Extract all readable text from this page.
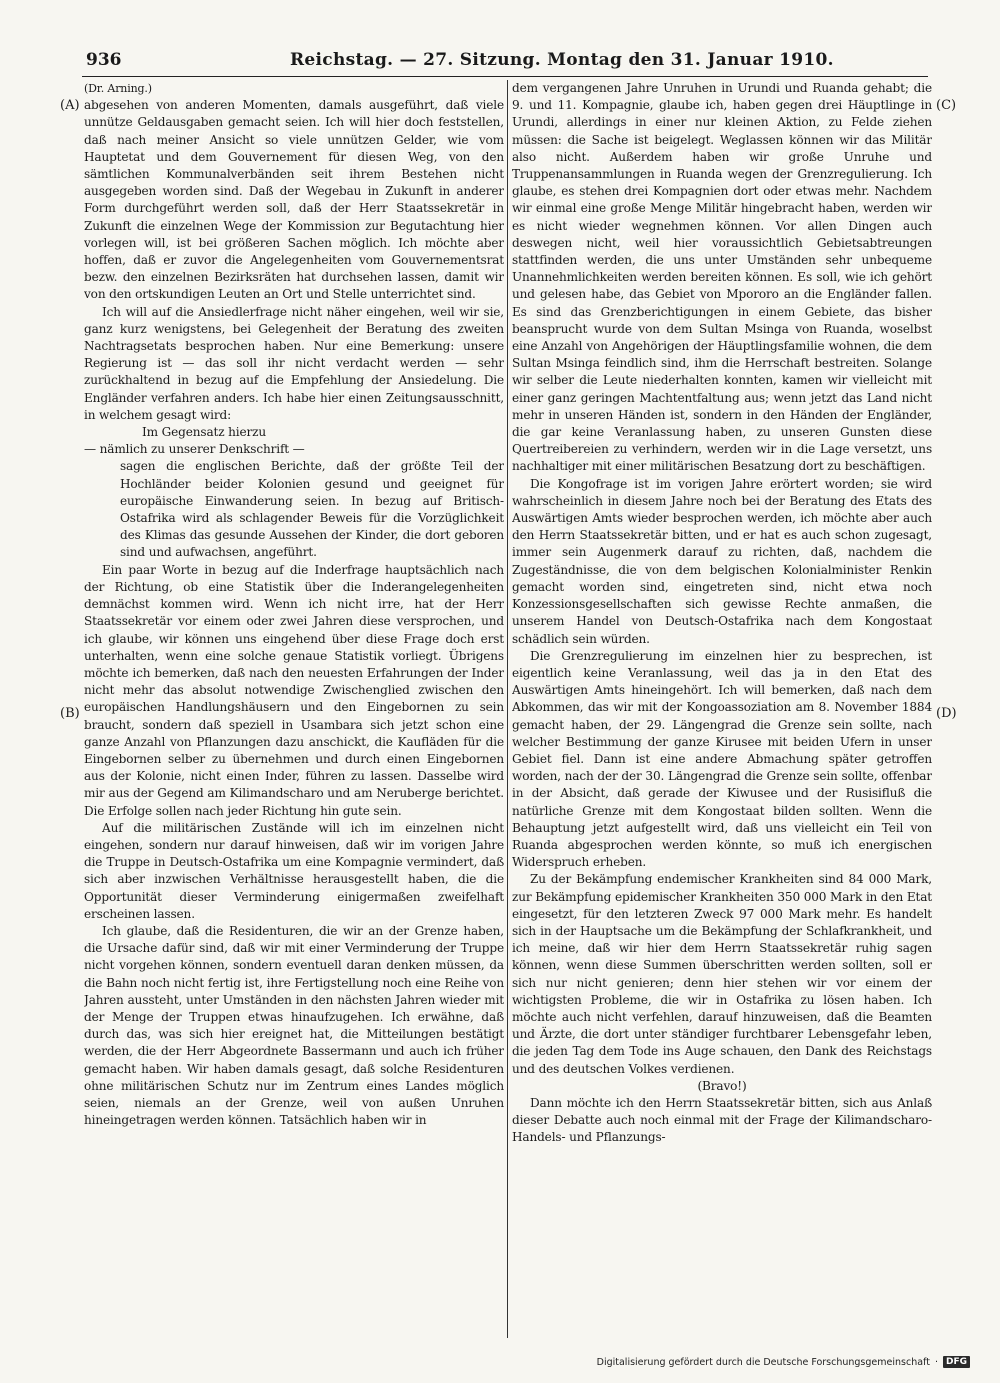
936	Reichstag. — 27. Sitzung. Montag den 31. Januar 1910.
(A)
(B)
(C)
(D)

(Dr. Arning.)

abgesehen von anderen Momenten, damals ausgeführt, daß viele unnütze Geldausgaben gemacht seien. Ich will hier doch feststellen, daß nach meiner Ansicht so viele unnützen Gelder, wie vom Hauptetat und dem Gouvernement für diesen Weg, von den sämtlichen Kommunalverbänden seit ihrem Bestehen nicht ausgegeben worden sind. Daß der Wegebau in Zukunft in anderer Form durchgeführt werden soll, daß der Herr Staatssekretär in Zukunft die einzelnen Wege der Kommission zur Begutachtung hier vorlegen will, ist bei größeren Sachen möglich. Ich möchte aber hoffen, daß er zuvor die Angelegenheiten vom Gouvernementsrat bezw. den einzelnen Bezirksräten hat durchsehen lassen, damit wir von den ortskundigen Leuten an Ort und Stelle unterrichtet sind.

Ich will auf die Ansiedlerfrage nicht näher eingehen, weil wir sie, ganz kurz wenigstens, bei Gelegenheit der Beratung des zweiten Nachtragsetats besprochen haben. Nur eine Bemerkung: unsere Regierung ist — das soll ihr nicht verdacht werden — sehr zurückhaltend in bezug auf die Empfehlung der Ansiedelung. Die Engländer verfahren anders. Ich habe hier einen Zeitungsausschnitt, in welchem gesagt wird:

Im Gegensatz hierzu

— nämlich zu unserer Denkschrift —

sagen die englischen Berichte, daß der größte Teil der Hochländer beider Kolonien gesund und geeignet für europäische Einwanderung seien. In bezug auf Britisch-Ostafrika wird als schlagender Beweis für die Vorzüglichkeit des Klimas das gesunde Aussehen der Kinder, die dort geboren sind und aufwachsen, angeführt.

Ein paar Worte in bezug auf die Inderfrage hauptsächlich nach der Richtung, ob eine Statistik über die Inderangelegenheiten demnächst kommen wird. Wenn ich nicht irre, hat der Herr Staatssekretär vor einem oder zwei Jahren diese versprochen, und ich glaube, wir können uns eingehend über diese Frage doch erst unterhalten, wenn eine solche genaue Statistik vorliegt. Übrigens möchte ich bemerken, daß nach den neuesten Erfahrungen der Inder nicht mehr das absolut notwendige Zwischenglied zwischen den europäischen Handlungshäusern und den Eingebornen zu sein braucht, sondern daß speziell in Usambara sich jetzt schon eine ganze Anzahl von Pflanzungen dazu anschickt, die Kaufläden für die Eingebornen selber zu übernehmen und durch einen Eingebornen aus der Kolonie, nicht einen Inder, führen zu lassen. Dasselbe wird mir aus der Gegend am Kilimandscharo und am Neruberge berichtet. Die Erfolge sollen nach jeder Richtung hin gute sein.

Auf die militärischen Zustände will ich im einzelnen nicht eingehen, sondern nur darauf hinweisen, daß wir im vorigen Jahre die Truppe in Deutsch-Ostafrika um eine Kompagnie vermindert, daß sich aber inzwischen Verhältnisse herausgestellt haben, die die Opportunität dieser Verminderung einigermaßen zweifelhaft erscheinen lassen.

Ich glaube, daß die Residenturen, die wir an der Grenze haben, die Ursache dafür sind, daß wir mit einer Verminderung der Truppe nicht vorgehen können, sondern eventuell daran denken müssen, da die Bahn noch nicht fertig ist, ihre Fertigstellung noch eine Reihe von Jahren aussteht, unter Umständen in den nächsten Jahren wieder mit der Menge der Truppen etwas hinaufzugehen. Ich erwähne, daß durch das, was sich hier ereignet hat, die Mitteilungen bestätigt werden, die der Herr Abgeordnete Bassermann und auch ich früher gemacht haben. Wir haben damals gesagt, daß solche Residenturen ohne militärischen Schutz nur im Zentrum eines Landes möglich seien, niemals an der Grenze, weil von außen Unruhen hineingetragen werden können. Tatsächlich haben wir in

dem vergangenen Jahre Unruhen in Urundi und Ruanda gehabt; die 9. und 11. Kompagnie, glaube ich, haben gegen drei Häuptlinge in Urundi, allerdings in einer nur kleinen Aktion, zu Felde ziehen müssen: die Sache ist beigelegt. Weglassen können wir das Militär also nicht. Außerdem haben wir große Unruhe und Truppenansammlungen in Ruanda wegen der Grenzregulierung. Ich glaube, es stehen drei Kompagnien dort oder etwas mehr. Nachdem wir einmal eine große Menge Militär hingebracht haben, werden wir es nicht wieder wegnehmen können. Vor allen Dingen auch deswegen nicht, weil hier voraussichtlich Gebietsabtreungen stattfinden werden, die uns unter Umständen sehr unbequeme Unannehmlichkeiten werden bereiten können. Es soll, wie ich gehört und gelesen habe, das Gebiet von Mpororo an die Engländer fallen. Es sind das Grenzberichtigungen in einem Gebiete, das bisher beansprucht wurde von dem Sultan Msinga von Ruanda, woselbst eine Anzahl von Angehörigen der Häuptlingsfamilie wohnen, die dem Sultan Msinga feindlich sind, ihm die Herrschaft bestreiten. Solange wir selber die Leute niederhalten konnten, kamen wir vielleicht mit einer ganz geringen Machtentfaltung aus; wenn jetzt das Land nicht mehr in unseren Händen ist, sondern in den Händen der Engländer, die gar keine Veranlassung haben, zu unseren Gunsten diese Quertreibereien zu verhindern, werden wir in die Lage versetzt, uns nachhaltiger mit einer militärischen Besatzung dort zu beschäftigen.

Die Kongofrage ist im vorigen Jahre erörtert worden; sie wird wahrscheinlich in diesem Jahre noch bei der Beratung des Etats des Auswärtigen Amts wieder besprochen werden, ich möchte aber auch den Herrn Staatssekretär bitten, und er hat es auch schon zugesagt, immer sein Augenmerk darauf zu richten, daß, nachdem die Zugeständnisse, die von dem belgischen Kolonialminister Renkin gemacht worden sind, eingetreten sind, nicht etwa noch Konzessionsgesellschaften sich gewisse Rechte anmaßen, die unserem Handel von Deutsch-Ostafrika nach dem Kongostaat schädlich sein würden.

Die Grenzregulierung im einzelnen hier zu besprechen, ist eigentlich keine Veranlassung, weil das ja in den Etat des Auswärtigen Amts hineingehört. Ich will bemerken, daß nach dem Abkommen, das wir mit der Kongoassoziation am 8. November 1884 gemacht haben, der 29. Längengrad die Grenze sein sollte, nach welcher Bestimmung der ganze Kirusee mit beiden Ufern in unser Gebiet fiel. Dann ist eine andere Abmachung später getroffen worden, nach der der 30. Längengrad die Grenze sein sollte, offenbar in der Absicht, daß gerade der Kiwusee und der Rusisifluß die natürliche Grenze mit dem Kongostaat bilden sollten. Wenn die Behauptung jetzt aufgestellt wird, daß uns vielleicht ein Teil von Ruanda abgesprochen werden könnte, so muß ich energischen Widerspruch erheben.

Zu der Bekämpfung endemischer Krankheiten sind 84 000 Mark, zur Bekämpfung epidemischer Krankheiten 350 000 Mark in den Etat eingesetzt, für den letzteren Zweck 97 000 Mark mehr. Es handelt sich in der Hauptsache um die Bekämpfung der Schlafkrankheit, und ich meine, daß wir hier dem Herrn Staatssekretär ruhig sagen können, wenn diese Summen überschritten werden sollten, soll er sich nur nicht genieren; denn hier stehen wir vor einem der wichtigsten Probleme, die wir in Ostafrika zu lösen haben. Ich möchte auch nicht verfehlen, darauf hinzuweisen, daß die Beamten und Ärzte, die dort unter ständiger furchtbarer Lebensgefahr leben, die jeden Tag dem Tode ins Auge schauen, den Dank des Reichstags und des deutschen Volkes verdienen.

(Bravo!)

Dann möchte ich den Herrn Staatssekretär bitten, sich aus Anlaß dieser Debatte auch noch einmal mit der Frage der Kilimandscharo-Handels- und Pflanzungs-

Digitalisierung gefördert durch die Deutsche Forschungsgemeinschaft · DFG
